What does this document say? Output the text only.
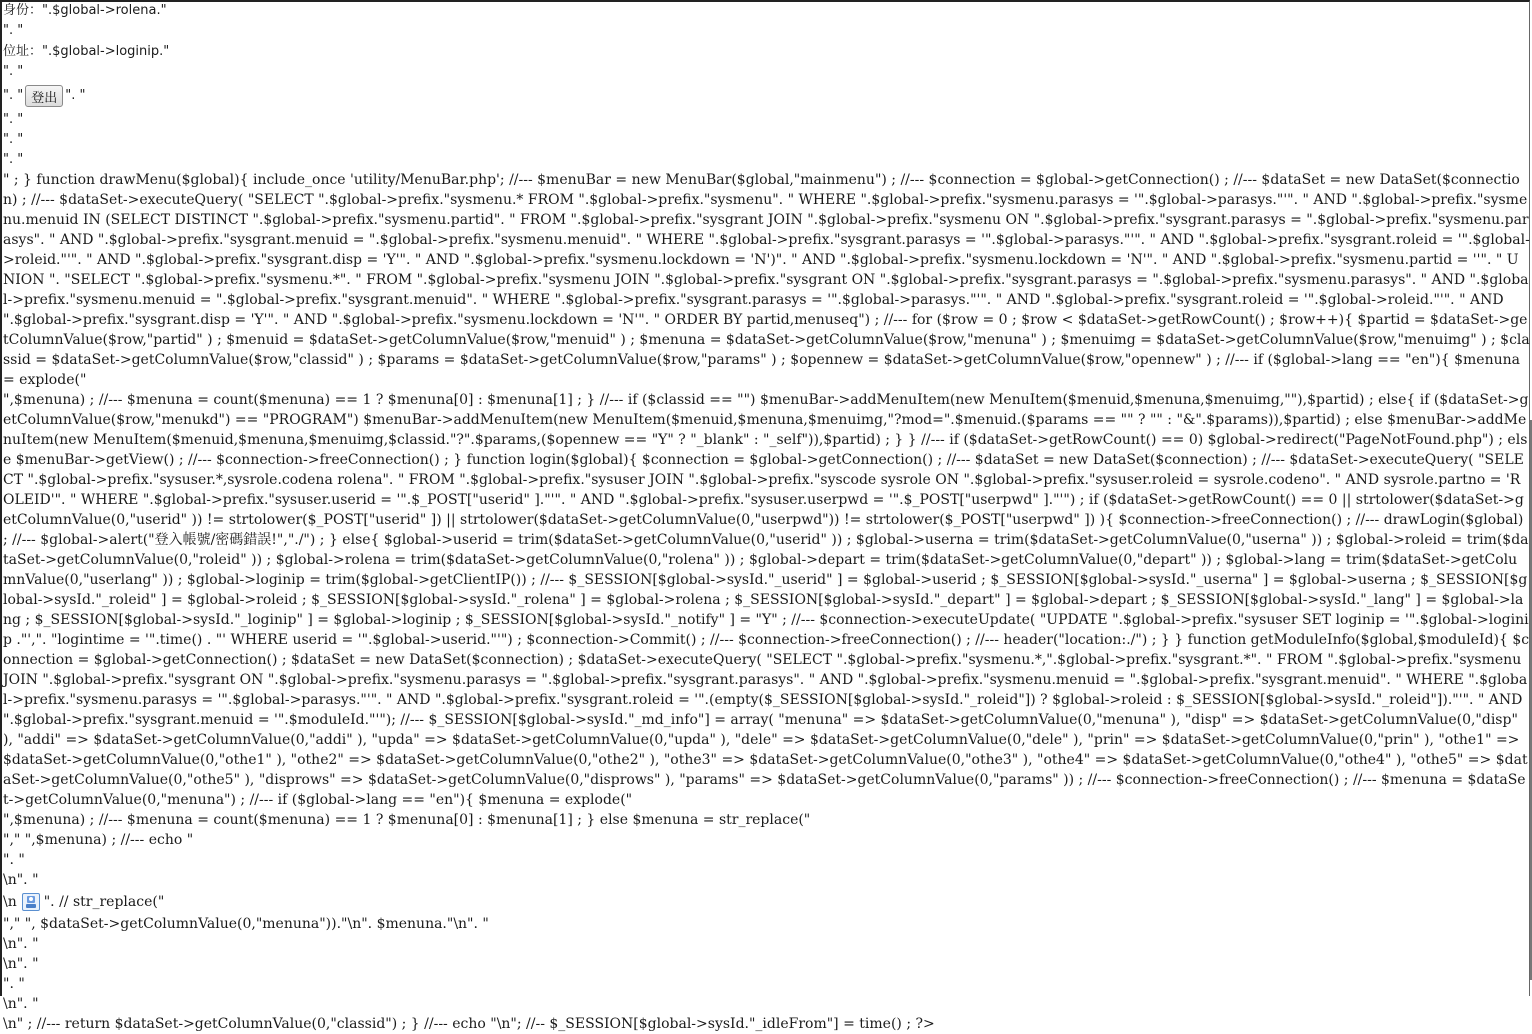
身份：".$global->rolena."
". "
位址：".$global->loginip."
". "
". " 登出 ". "
". "
". "
". "
" ; } function drawMenu($global){ include_once 'utility/MenuBar.php'; //--- $menuBar = new MenuBar($global,"mainmenu") ; //--- $connection = $global->getConnection() ; //--- $dataSet = new DataSet($connection) ; //--- $dataSet->executeQuery( "SELECT ".$global->prefix."sysmenu.* FROM ".$global->prefix."sysmenu". " WHERE ".$global->prefix."sysmenu.parasys = '".$global->parasys."'". " AND ".$global->prefix."sysmenu.menuid IN (SELECT DISTINCT ".$global->prefix."sysmenu.partid". " FROM ".$global->prefix."sysgrant JOIN ".$global->prefix."sysmenu ON ".$global->prefix."sysgrant.parasys = ".$global->prefix."sysmenu.parasys". " AND ".$global->prefix."sysgrant.menuid = ".$global->prefix."sysmenu.menuid". " WHERE ".$global->prefix."sysgrant.parasys = '".$global->parasys."'". " AND ".$global->prefix."sysgrant.roleid = '".$global->roleid."'". " AND ".$global->prefix."sysgrant.disp = 'Y'". " AND ".$global->prefix."sysmenu.lockdown = 'N')". " AND ".$global->prefix."sysmenu.lockdown = 'N'". " AND ".$global->prefix."sysmenu.partid = ''". " UNION ". "SELECT ".$global->prefix."sysmenu.*". " FROM ".$global->prefix."sysmenu JOIN ".$global->prefix."sysgrant ON ".$global->prefix."sysgrant.parasys = ".$global->prefix."sysmenu.parasys". " AND ".$global->prefix."sysmenu.menuid = ".$global->prefix."sysgrant.menuid". " WHERE ".$global->prefix."sysgrant.parasys = '".$global->parasys."'". " AND ".$global->prefix."sysgrant.roleid = '".$global->roleid."'". " AND ".$global->prefix."sysgrant.disp = 'Y'". " AND ".$global->prefix."sysmenu.lockdown = 'N'". " ORDER BY partid,menuseq") ; //--- for ($row = 0 ; $row < $dataSet->getRowCount() ; $row++){ $partid = $dataSet->getColumnValue($row,"partid" ) ; $menuid = $dataSet->getColumnValue($row,"menuid" ) ; $menuna = $dataSet->getColumnValue($row,"menuna" ) ; $menuimg = $dataSet->getColumnValue($row,"menuimg" ) ; $classid = $dataSet->getColumnValue($row,"classid" ) ; $params = $dataSet->getColumnValue($row,"params" ) ; $opennew = $dataSet->getColumnValue($row,"opennew" ) ; //--- if ($global->lang == "en"){ $menuna = explode("
",$menuna) ; //--- $menuna = count($menuna) == 1 ? $menuna[0] : $menuna[1] ; } //--- if ($classid == "") $menuBar->addMenuItem(new MenuItem($menuid,$menuna,$menuimg,""),$partid) ; else{ if ($dataSet->getColumnValue($row,"menukd") == "PROGRAM") $menuBar->addMenuItem(new MenuItem($menuid,$menuna,$menuimg,"?mod=".$menuid.($params == "" ? "" : "&".$params)),$partid) ; else $menuBar->addMenuItem(new MenuItem($menuid,$menuna,$menuimg,$classid."?".$params,($opennew == "Y" ? "_blank" : "_self")),$partid) ; } } //--- if ($dataSet->getRowCount() == 0) $global->redirect("PageNotFound.php") ; else $menuBar->getView() ; //--- $connection->freeConnection() ; } function login($global){ $connection = $global->getConnection() ; //--- $dataSet = new DataSet($connection) ; //--- $dataSet->executeQuery( "SELECT ".$global->prefix."sysuser.*,sysrole.codena rolena". " FROM ".$global->prefix."sysuser JOIN ".$global->prefix."syscode sysrole ON ".$global->prefix."sysuser.roleid = sysrole.codeno". " AND sysrole.partno = 'ROLEID'". " WHERE ".$global->prefix."sysuser.userid = '".$_POST["userid" ]."'". " AND ".$global->prefix."sysuser.userpwd = '".$_POST["userpwd" ]."'") ; if ($dataSet->getRowCount() == 0 || strtolower($dataSet->getColumnValue(0,"userid" )) != strtolower($_POST["userid" ]) || strtolower($dataSet->getColumnValue(0,"userpwd")) != strtolower($_POST["userpwd" ]) ){ $connection->freeConnection() ; //--- drawLogin($global) ; //--- $global->alert("登入帳號/密碼錯誤!","./") ; } else{ $global->userid = trim($dataSet->getColumnValue(0,"userid" )) ; $global->userna = trim($dataSet->getColumnValue(0,"userna" )) ; $global->roleid = trim($dataSet->getColumnValue(0,"roleid" )) ; $global->rolena = trim($dataSet->getColumnValue(0,"rolena" )) ; $global->depart = trim($dataSet->getColumnValue(0,"depart" )) ; $global->lang = trim($dataSet->getColumnValue(0,"userlang" )) ; $global->loginip = trim($global->getClientIP()) ; //--- $_SESSION[$global->sysId."_userid" ] = $global->userid ; $_SESSION[$global->sysId."_userna" ] = $global->userna ; $_SESSION[$global->sysId."_roleid" ] = $global->roleid ; $_SESSION[$global->sysId."_rolena" ] = $global->rolena ; $_SESSION[$global->sysId."_depart" ] = $global->depart ; $_SESSION[$global->sysId."_lang" ] = $global->lang ; $_SESSION[$global->sysId."_loginip" ] = $global->loginip ; $_SESSION[$global->sysId."_notify" ] = "Y" ; //--- $connection->executeUpdate( "UPDATE ".$global->prefix."sysuser SET loginip = '".$global->loginip ."',". "logintime = '".time() . "' WHERE userid = '".$global->userid."'") ; $connection->Commit() ; //--- $connection->freeConnection() ; //--- header("location:./") ; } } function getModuleInfo($global,$moduleId){ $connection = $global->getConnection() ; $dataSet = new DataSet($connection) ; $dataSet->executeQuery( "SELECT ".$global->prefix."sysmenu.*,".$global->prefix."sysgrant.*". " FROM ".$global->prefix."sysmenu JOIN ".$global->prefix."sysgrant ON ".$global->prefix."sysmenu.parasys = ".$global->prefix."sysgrant.parasys". " AND ".$global->prefix."sysmenu.menuid = ".$global->prefix."sysgrant.menuid". " WHERE ".$global->prefix."sysmenu.parasys = '".$global->parasys."'". " AND ".$global->prefix."sysgrant.roleid = '".(empty($_SESSION[$global->sysId."_roleid"]) ? $global->roleid : $_SESSION[$global->sysId."_roleid"])."'". " AND ".$global->prefix."sysgrant.menuid = '".$moduleId."'"); //--- $_SESSION[$global->sysId."_md_info"] = array( "menuna" => $dataSet->getColumnValue(0,"menuna" ), "disp" => $dataSet->getColumnValue(0,"disp" ), "addi" => $dataSet->getColumnValue(0,"addi" ), "upda" => $dataSet->getColumnValue(0,"upda" ), "dele" => $dataSet->getColumnValue(0,"dele" ), "prin" => $dataSet->getColumnValue(0,"prin" ), "othe1" => $dataSet->getColumnValue(0,"othe1" ), "othe2" => $dataSet->getColumnValue(0,"othe2" ), "othe3" => $dataSet->getColumnValue(0,"othe3" ), "othe4" => $dataSet->getColumnValue(0,"othe4" ), "othe5" => $dataSet->getColumnValue(0,"othe5" ), "disprows" => $dataSet->getColumnValue(0,"disprows" ), "params" => $dataSet->getColumnValue(0,"params" )) ; //--- $connection->freeConnection() ; //--- $menuna = $dataSet->getColumnValue(0,"menuna") ; //--- if ($global->lang == "en"){ $menuna = explode("
",$menuna) ; //--- $menuna = count($menuna) == 1 ? $menuna[0] : $menuna[1] ; } else $menuna = str_replace("
"," ",$menuna) ; //--- echo "
". "
\n". "
\n ". // str_replace("
"," ", $dataSet->getColumnValue(0,"menuna"))."\n". $menuna."\n". "
\n". "
\n". "
". "
\n". "
\n" ; //--- return $dataSet->getColumnValue(0,"classid") ; } //--- echo "\n"; //-- $_SESSION[$global->sysId."_idleFrom"] = time() ; ?>
